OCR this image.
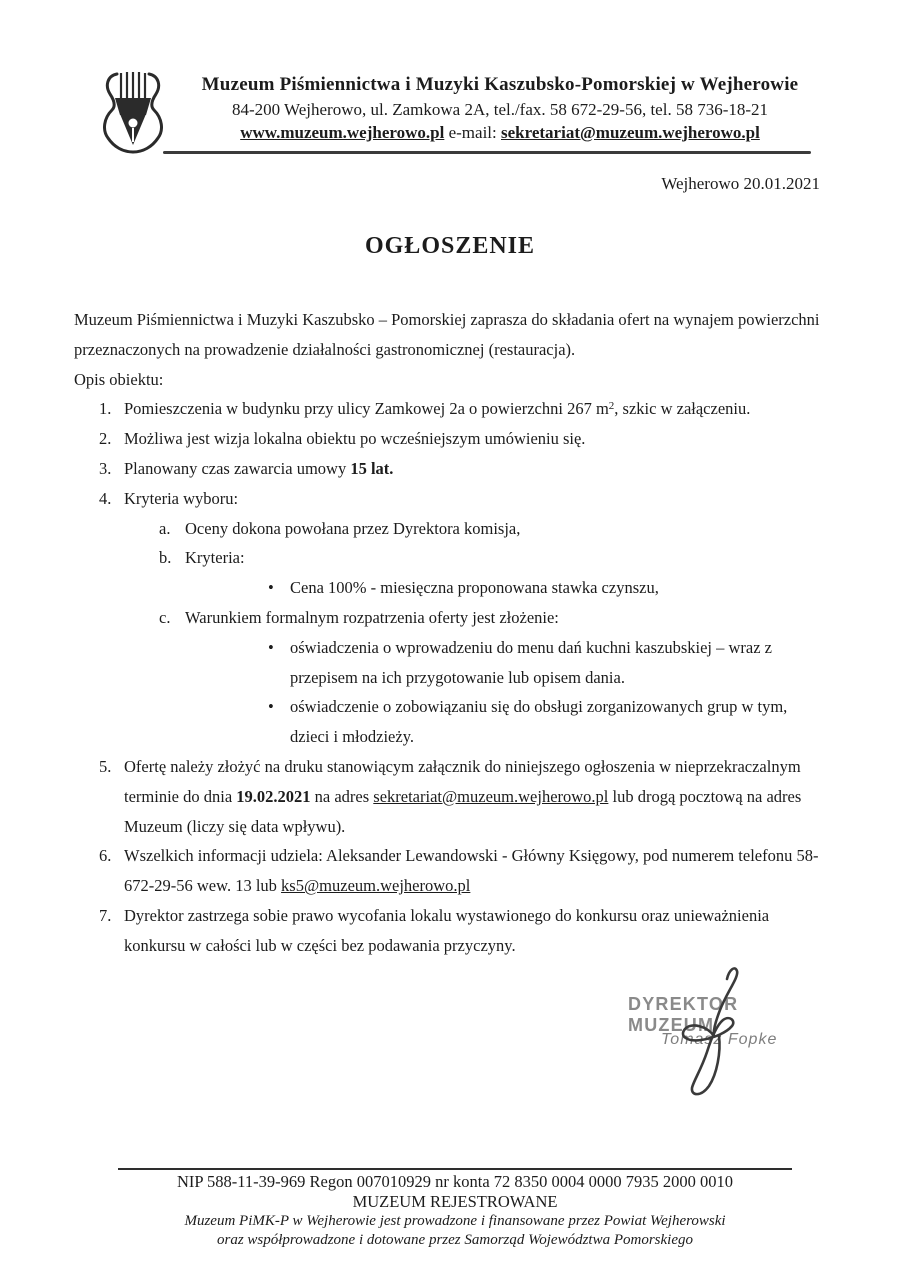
Muzeum Piśmiennictwa i Muzyki Kaszubsko-Pomorskiej w Wejherowie
84-200 Wejherowo, ul. Zamkowa 2A, tel./fax. 58 672-29-56, tel. 58 736-18-21
www.muzeum.wejherowo.pl e-mail: sekretariat@muzeum.wejherowo.pl
Wejherowo 20.01.2021
OGŁOSZENIE
Muzeum Piśmiennictwa i Muzyki Kaszubsko – Pomorskiej zaprasza do składania ofert na wynajem powierzchni przeznaczonych na prowadzenie działalności gastronomicznej (restauracja).
Opis obiektu:
1. Pomieszczenia w budynku przy ulicy Zamkowej 2a o powierzchni 267 $m^2$, szkic w załączeniu.
2. Możliwa jest wizja lokalna obiektu po wcześniejszym umówieniu się.
3. Planowany czas zawarcia umowy 15 lat.
4. Kryteria wyboru:
a. Oceny dokona powołana przez Dyrektora komisja,
b. Kryteria:
• Cena 100% - miesięczna proponowana stawka czynszu,
c. Warunkiem formalnym rozpatrzenia oferty jest złożenie:
• oświadczenia o wprowadzeniu do menu dań kuchni kaszubskiej – wraz z przepisem na ich przygotowanie lub opisem dania.
• oświadczenie o zobowiązaniu się do obsługi zorganizowanych grup w tym, dzieci i młodzieży.
5. Ofertę należy złożyć na druku stanowiącym załącznik do niniejszego ogłoszenia w nieprzekraczalnym terminie do dnia 19.02.2021 na adres sekretariat@muzeum.wejherowo.pl lub drogą pocztową na adres Muzeum (liczy się data wpływu).
6. Wszelkich informacji udziela: Aleksander Lewandowski - Główny Księgowy, pod numerem telefonu 58-672-29-56 wew. 13 lub ks5@muzeum.wejherowo.pl
7. Dyrektor zastrzega sobie prawo wycofania lokalu wystawionego do konkursu oraz unieważnienia konkursu w całości lub w części bez podawania przyczyny.
DYREKTOR MUZEUM
Tomasz Fopke
NIP 588-11-39-969 Regon 007010929 nr konta 72 8350 0004 0000 7935 2000 0010
MUZEUM REJESTROWANE
Muzeum PiMK-P w Wejherowie jest prowadzone i finansowane przez Powiat Wejherowski
oraz współprowadzone i dotowane przez Samorząd Województwa Pomorskiego
